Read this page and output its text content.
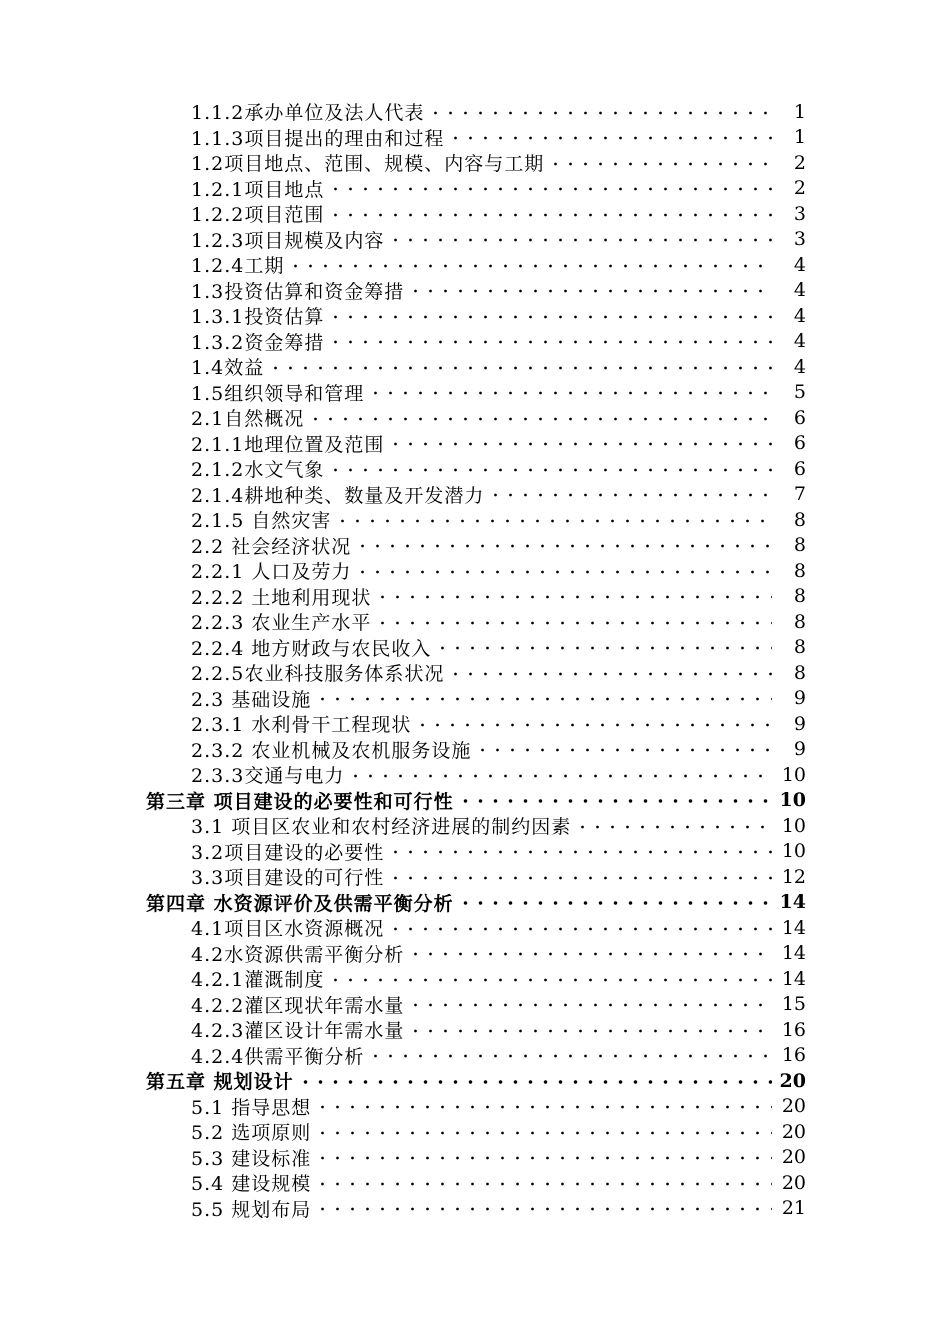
1.1.2承办单位及法人代表	1
1.1.3项目提出的理由和过程	1
1.2项目地点、范围、规模、内容与工期	2
1.2.1项目地点	2
1.2.2项目范围	3
1.2.3项目规模及内容	3
1.2.4工期	4
1.3投资估算和资金筹措	4
1.3.1投资估算	4
1.3.2资金筹措	4
1.4效益	4
1.5组织领导和管理	5
2.1自然概况	6
2.1.1地理位置及范围	6
2.1.2水文气象	6
2.1.4耕地种类、数量及开发潜力	7
2.1.5 自然灾害	8
2.2 社会经济状况	8
2.2.1 人口及劳力	8
2.2.2 土地利用现状	8
2.2.3 农业生产水平	8
2.2.4 地方财政与农民收入	8
2.2.5农业科技服务体系状况	8
2.3 基础设施	9
2.3.1 水利骨干工程现状	9
2.3.2 农业机械及农机服务设施	9
2.3.3交通与电力	10
第三章 项目建设的必要性和可行性	10
3.1 项目区农业和农村经济进展的制约因素	10
3.2项目建设的必要性	10
3.3项目建设的可行性	12
第四章 水资源评价及供需平衡分析	14
4.1项目区水资源概况	14
4.2水资源供需平衡分析	14
4.2.1灌溉制度	14
4.2.2灌区现状年需水量	15
4.2.3灌区设计年需水量	16
4.2.4供需平衡分析	16
第五章 规划设计	20
5.1 指导思想	20
5.2 选项原则	20
5.3 建设标准	20
5.4 建设规模	20
5.5 规划布局	21
